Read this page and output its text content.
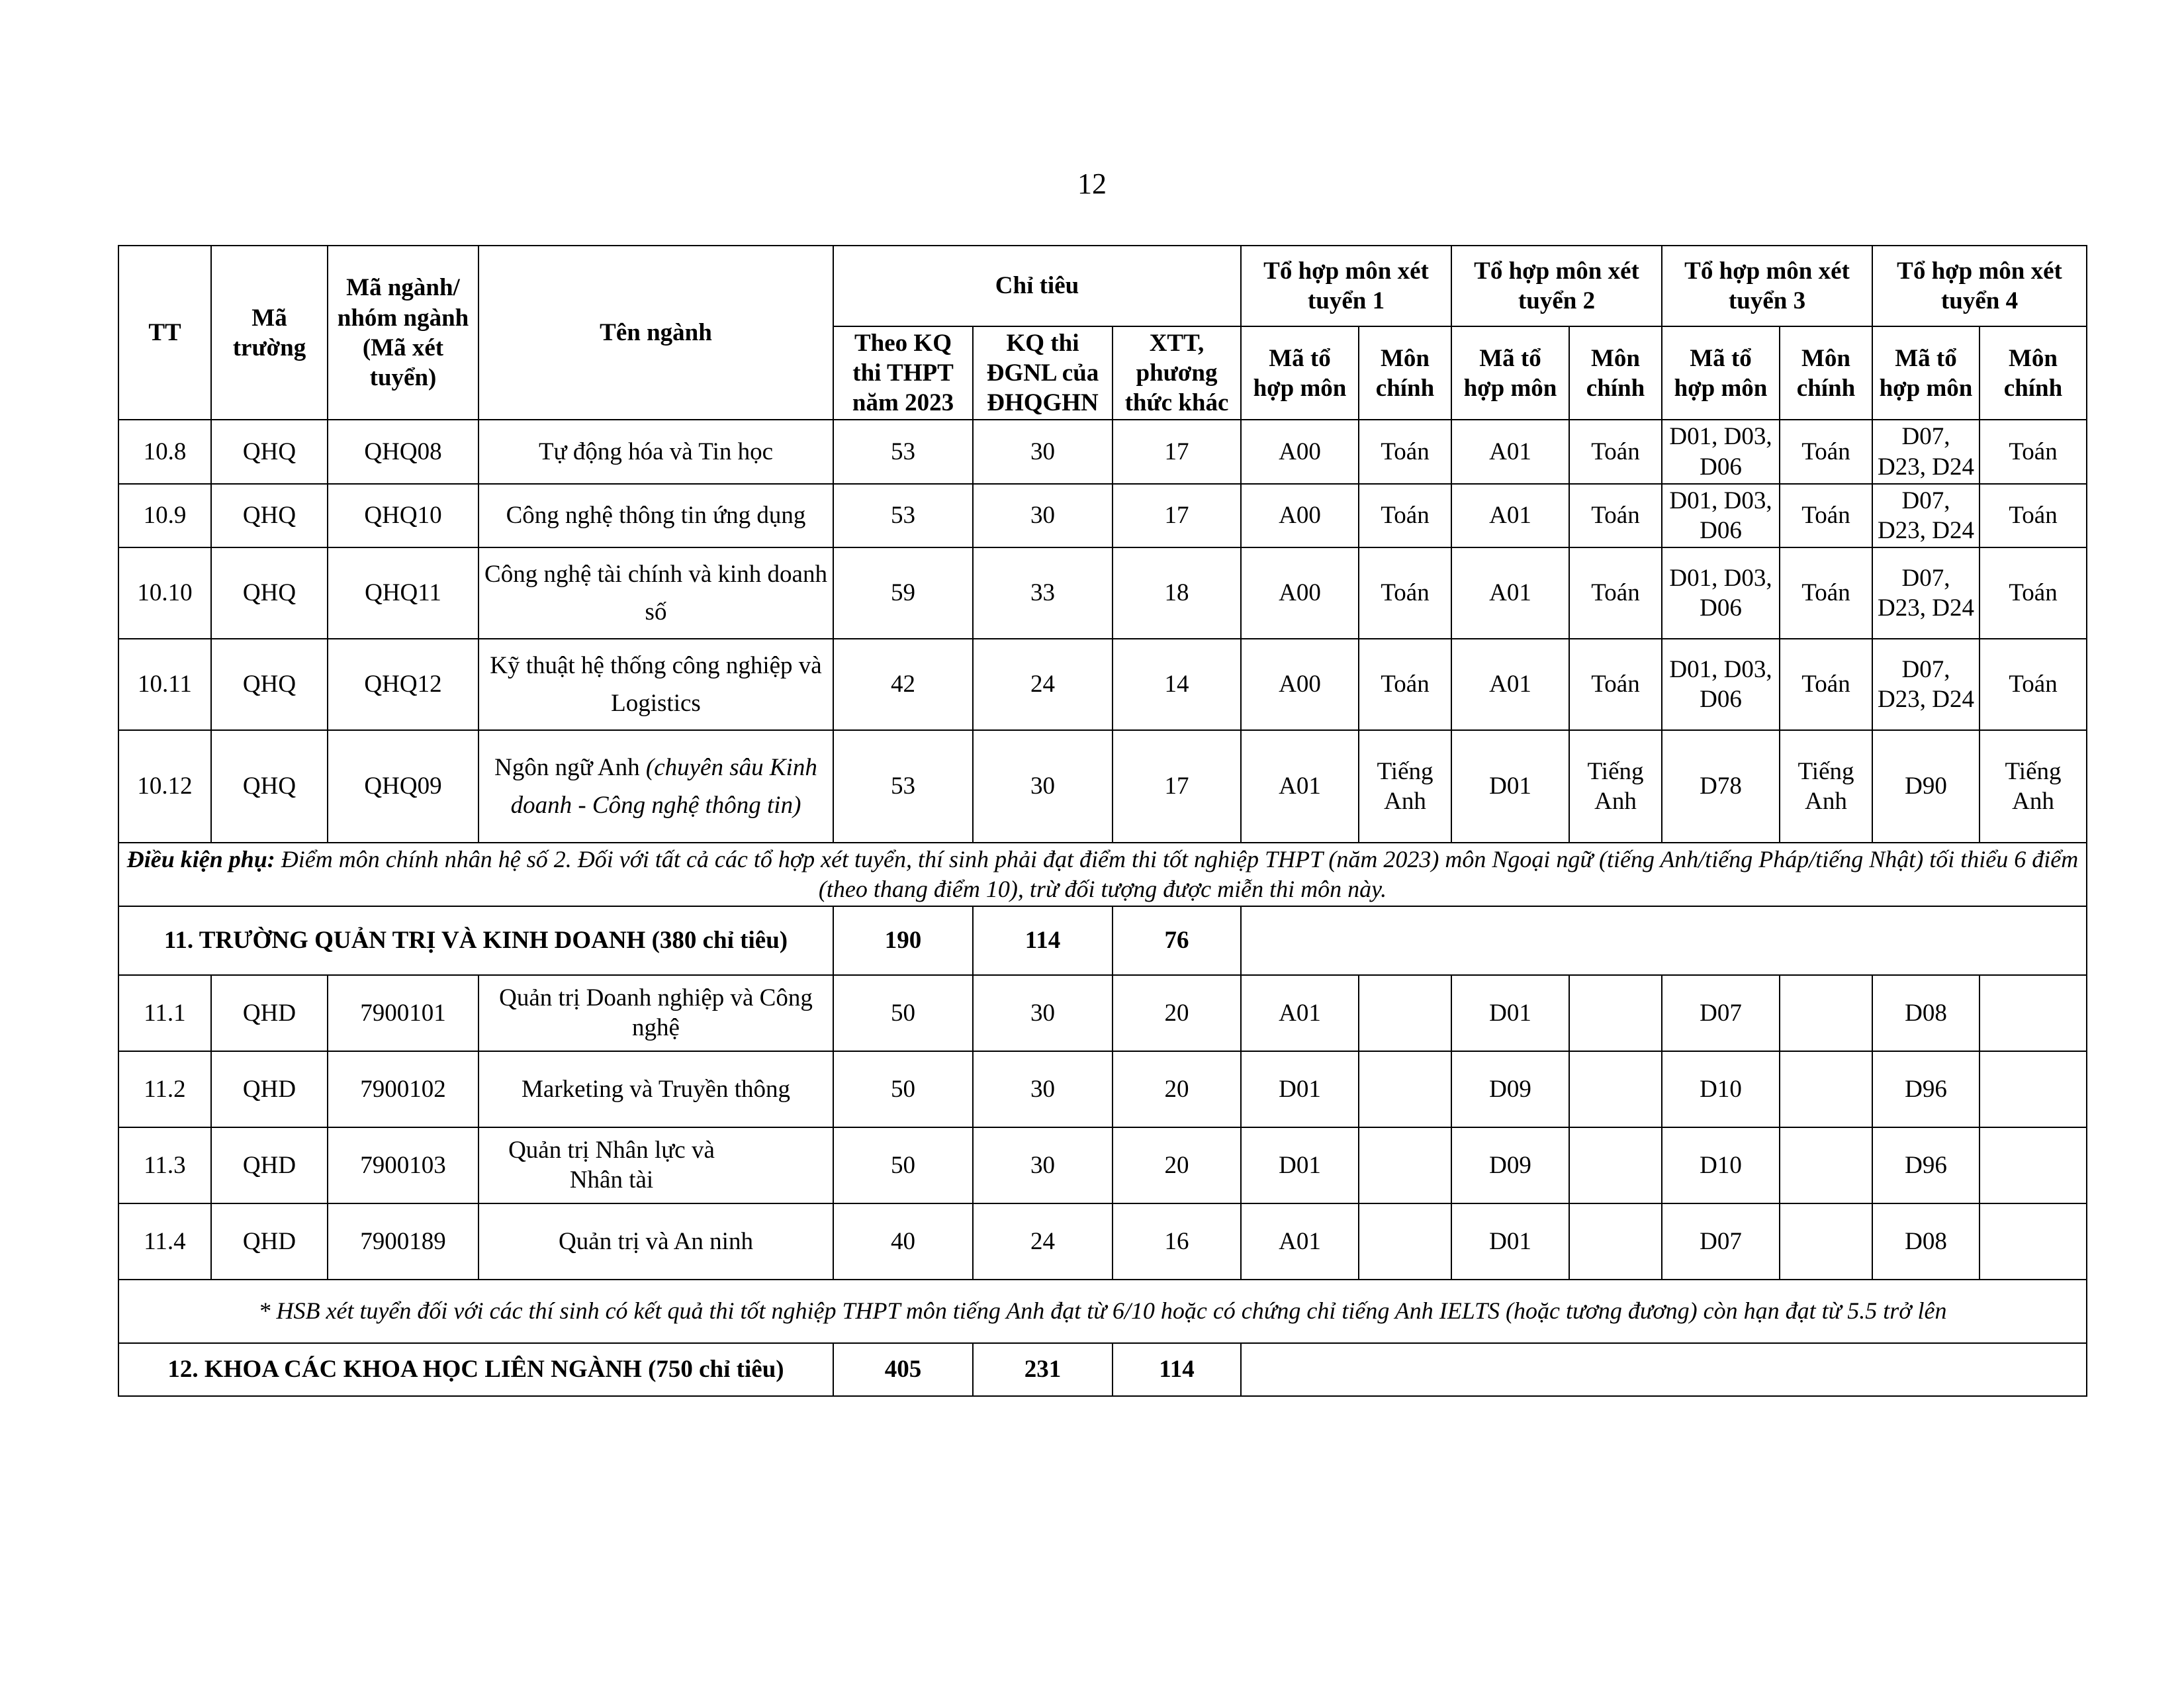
12
TT	Mã trường	Mã ngành/ nhóm ngành (Mã xét tuyển)	Tên ngành	Chỉ tiêu			Tổ hợp môn xét tuyển 1		Tổ hợp môn xét tuyển 2		Tổ hợp môn xét tuyển 3		Tổ hợp môn xét tuyển 4	
				Theo KQ thi THPT năm 2023	KQ thi ĐGNL của ĐHQGHN	XTT, phương thức khác	Mã tổ hợp môn	Môn chính	Mã tổ hợp môn	Môn chính	Mã tổ hợp môn	Môn chính	Mã tổ hợp môn	Môn chính
10.8	QHQ	QHQ08	Tự động hóa và Tin học	53	30	17	A00	Toán	A01	Toán	D01, D03, D06	Toán	D07, D23, D24	Toán
10.9	QHQ	QHQ10	Công nghệ thông tin ứng dụng	53	30	17	A00	Toán	A01	Toán	D01, D03, D06	Toán	D07, D23, D24	Toán
10.10	QHQ	QHQ11	Công nghệ tài chính và kinh doanh số	59	33	18	A00	Toán	A01	Toán	D01, D03, D06	Toán	D07, D23, D24	Toán
10.11	QHQ	QHQ12	Kỹ thuật hệ thống công nghiệp và Logistics	42	24	14	A00	Toán	A01	Toán	D01, D03, D06	Toán	D07, D23, D24	Toán
10.12	QHQ	QHQ09	Ngôn ngữ Anh (chuyên sâu Kinh doanh - Công nghệ thông tin)	53	30	17	A01	Tiếng Anh	D01	Tiếng Anh	D78	Tiếng Anh	D90	Tiếng Anh
Điều kiện phụ: Điểm môn chính nhân hệ số 2. Đối với tất cả các tổ hợp xét tuyển, thí sinh phải đạt điểm thi tốt nghiệp THPT (năm 2023) môn Ngoại ngữ (tiếng Anh/tiếng Pháp/tiếng Nhật) tối thiểu 6 điểm (theo thang điểm 10), trừ đối tượng được miễn thi môn này.														
11. TRƯỜNG QUẢN TRỊ VÀ KINH DOANH (380 chỉ tiêu)				190	114	76								
11.1	QHD	7900101	Quản trị Doanh nghiệp và Công nghệ	50	30	20	A01		D01		D07		D08	
11.2	QHD	7900102	Marketing và Truyền thông	50	30	20	D01		D09		D10		D96	
11.3	QHD	7900103	Quản trị Nhân lực và Nhân tài	50	30	20	D01		D09		D10		D96	
11.4	QHD	7900189	Quản trị và An ninh	40	24	16	A01		D01		D07		D08	
* HSB xét tuyển đối với các thí sinh có kết quả thi tốt nghiệp THPT môn tiếng Anh đạt từ 6/10 hoặc có chứng chỉ tiếng Anh IELTS (hoặc tương đương) còn hạn đạt từ 5.5 trở lên														
12. KHOA CÁC KHOA HỌC LIÊN NGÀNH (750 chỉ tiêu)				405	231	114								
